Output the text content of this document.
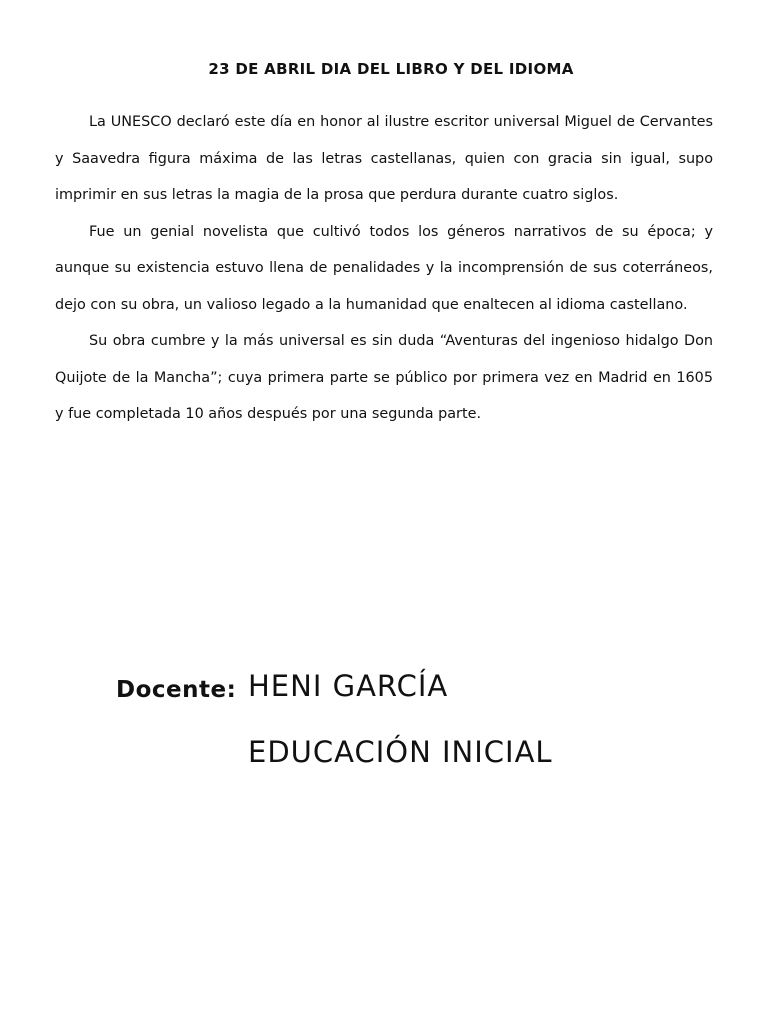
23 DE ABRIL DIA DEL LIBRO Y DEL IDIOMA

La UNESCO declaró este día en honor al ilustre escritor universal Miguel de Cervantes y Saavedra figura máxima de las letras castellanas, quien con gracia sin igual, supo imprimir en sus letras la magia de la prosa que perdura durante cuatro siglos.

Fue un genial novelista que cultivó todos los géneros narrativos de su época; y aunque su existencia estuvo llena de penalidades y la incomprensión de sus coterráneos, dejo con su obra, un valioso legado a la humanidad que enaltecen al idioma castellano.

Su obra cumbre y la más universal es sin duda “Aventuras del ingenioso hidalgo Don Quijote de la Mancha”; cuya primera parte se público por primera vez en Madrid en 1605 y fue completada 10 años después por una segunda parte.

Docente: HENI GARCÍA
EDUCACIÓN INICIAL
